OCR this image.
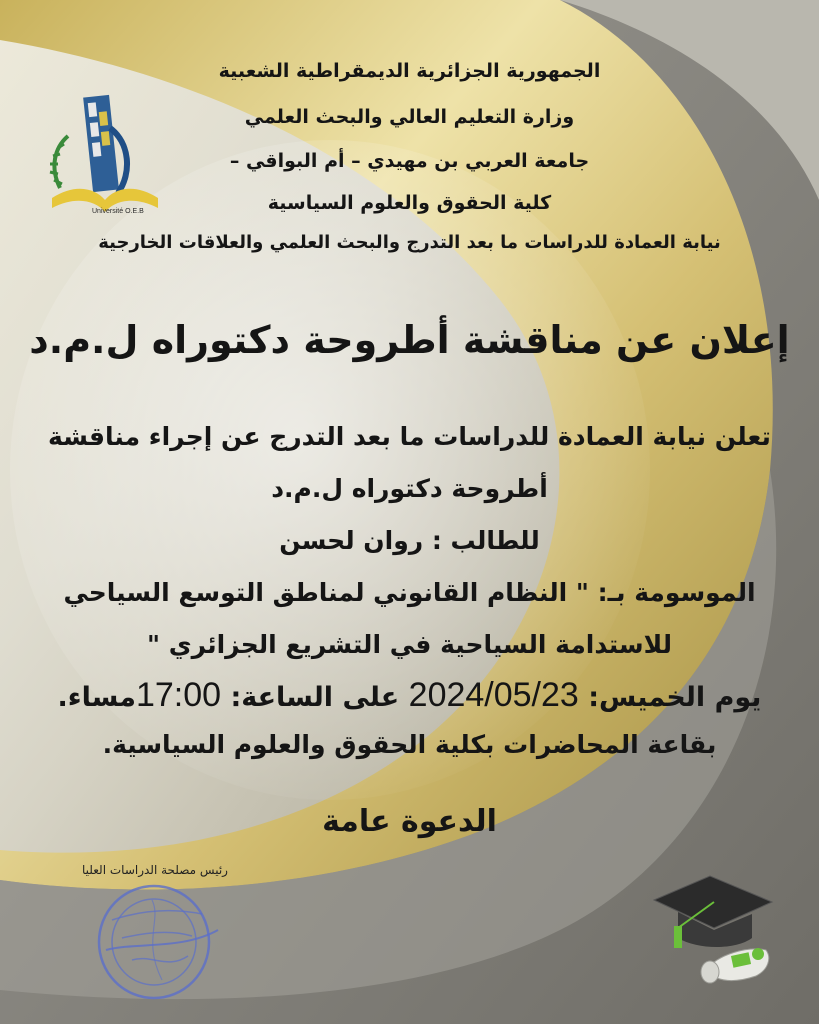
Université O.E.B
الجمهورية الجزائرية الديمقراطية الشعبية
وزارة التعليم العالي والبحث العلمي
جامعة العربي بن مهيدي – أم البواقي –
كلية الحقوق والعلوم السياسية
نيابة العمادة للدراسات ما بعد التدرج والبحث العلمي والعلاقات الخارجية
إعلان عن مناقشة أطروحة دكتوراه ل.م.د
تعلن نيابة العمادة للدراسات ما بعد التدرج عن إجراء مناقشة
أطروحة دكتوراه ل.م.د
للطالب : روان لحسن
الموسومة بـ: " النظام القانوني لمناطق التوسع السياحي
للاستدامة السياحية في التشريع الجزائري "
يوم الخميس: 2024/05/23 على الساعة: 17:00مساء.
بقاعة المحاضرات بكلية الحقوق والعلوم السياسية.
الدعوة عامة
رئيس مصلحة الدراسات العليا
